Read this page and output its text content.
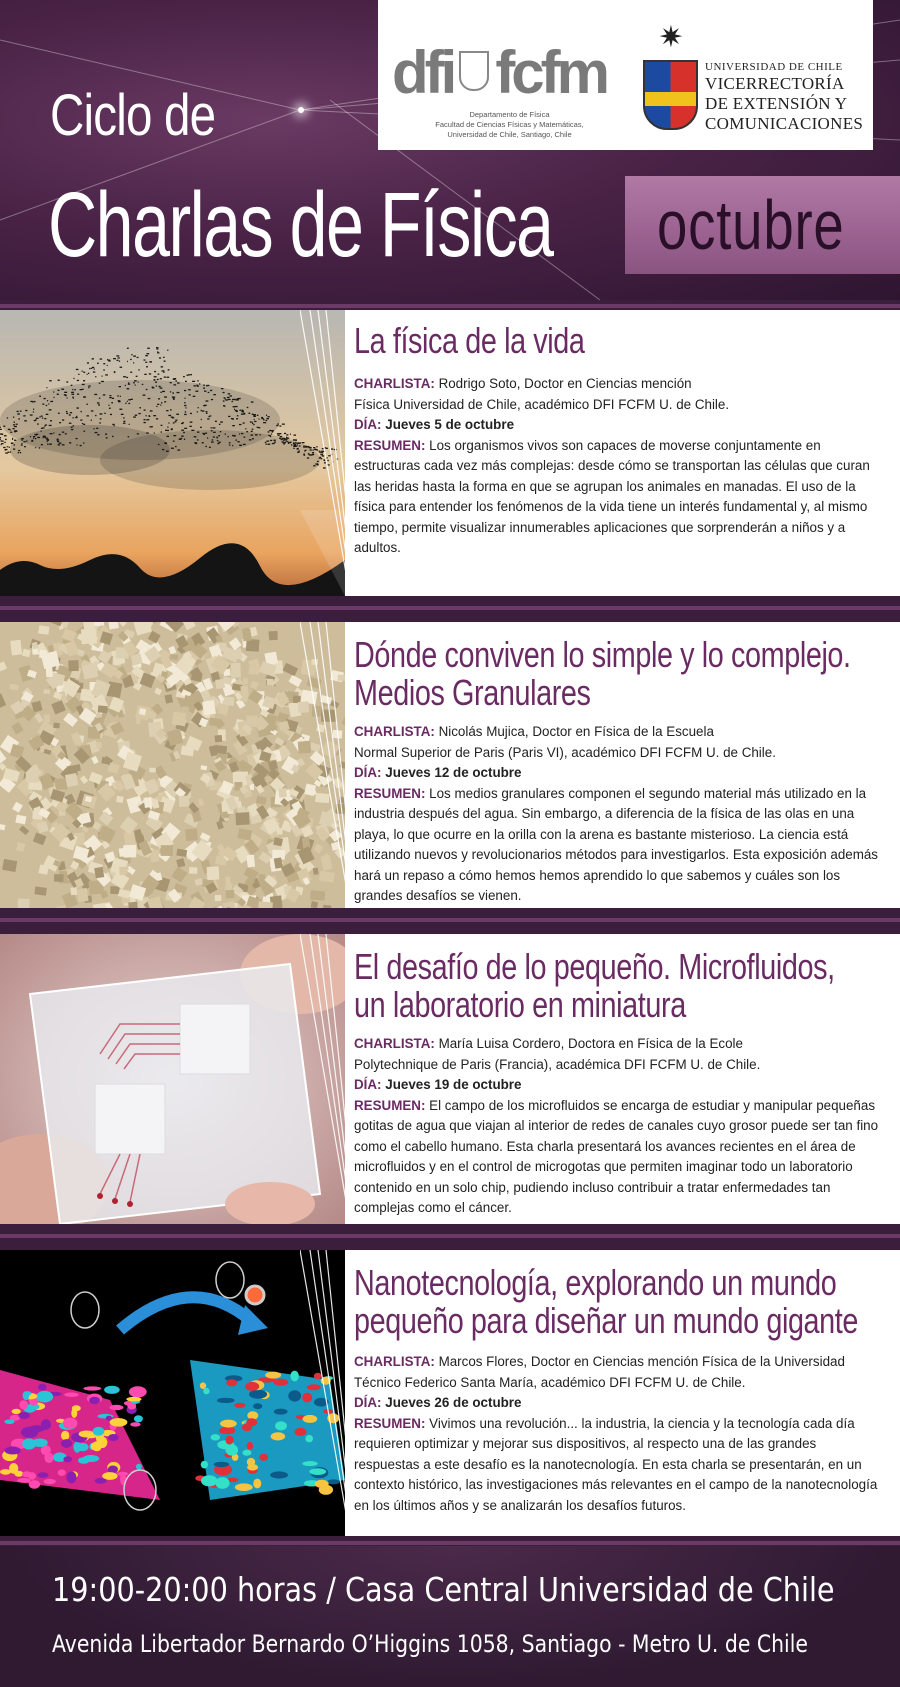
dfi fcfm
Departamento de Física
Facultad de Ciencias Físicas y Matemáticas,
Universidad de Chile, Santiago, Chile
✷
UNIVERSIDAD DE CHILE
VICERRECTORÍA
DE EXTENSIÓN Y
COMUNICACIONES
Ciclo de
Charlas de Física octubre
La física de la vida
CHARLISTA: Rodrigo Soto, Doctor en Ciencias mención
Física Universidad de Chile, académico DFI FCFM U. de Chile.
DÍA: Jueves 5 de octubre

RESUMEN: Los organismos vivos son capaces de moverse conjuntamente en estructuras cada vez más complejas: desde cómo se transportan las células que curan las heridas hasta la forma en que se agrupan los animales en manadas. El uso de la física para entender los fenómenos de la vida tiene un interés fundamental y, al mismo tiempo, permite visualizar innumerables aplicaciones que sorprenderán a niños y a adultos.

Dónde conviven lo simple y lo complejo.
Medios Granulares
CHARLISTA: Nicolás Mujica, Doctor en Física de la Escuela
Normal Superior de Paris (Paris VI), académico DFI FCFM U. de Chile.
DÍA: Jueves 12 de octubre

RESUMEN: Los medios granulares componen el segundo material más utilizado en la industria después del agua. Sin embargo, a diferencia de la física de las olas en una playa, lo que ocurre en la orilla con la arena es bastante misterioso. La ciencia está utilizando nuevos y revolucionarios métodos para investigarlos. Esta exposición además hará un repaso a cómo hemos hemos aprendido lo que sabemos y cuáles son los grandes desafíos se vienen.

El desafío de lo pequeño. Microfluidos,
un laboratorio en miniatura
CHARLISTA: María Luisa Cordero, Doctora en Física de la Ecole
Polytechnique de Paris (Francia), académica DFI FCFM U. de Chile.
DÍA: Jueves 19 de octubre

RESUMEN: El campo de los microfluidos se encarga de estudiar y manipular pequeñas gotitas de agua que viajan al interior de redes de canales cuyo grosor puede ser tan fino como el cabello humano. Esta charla presentará los avances recientes en el área de microfluidos y en el control de microgotas que permiten imaginar todo un laboratorio contenido en un solo chip, pudiendo incluso contribuir a tratar enfermedades tan complejas como el cáncer.

Nanotecnología, explorando un mundo
pequeño para diseñar un mundo gigante
CHARLISTA: Marcos Flores, Doctor en Ciencias mención Física de la Universidad
Técnico Federico Santa María, académico DFI FCFM U. de Chile.
DÍA: Jueves 26 de octubre

RESUMEN: Vivimos una revolución... la industria, la ciencia y la tecnología cada día requieren optimizar y mejorar sus dispositivos, al respecto una de las grandes respuestas a este desafío es la nanotecnología. En esta charla se presentarán, en un contexto histórico, las investigaciones más relevantes en el campo de la nanotecnología en los últimos años y se analizarán los desafíos futuros.

19:00-20:00 horas / Casa Central Universidad de Chile
Avenida Libertador Bernardo O’Higgins 1058, Santiago - Metro U. de Chile
